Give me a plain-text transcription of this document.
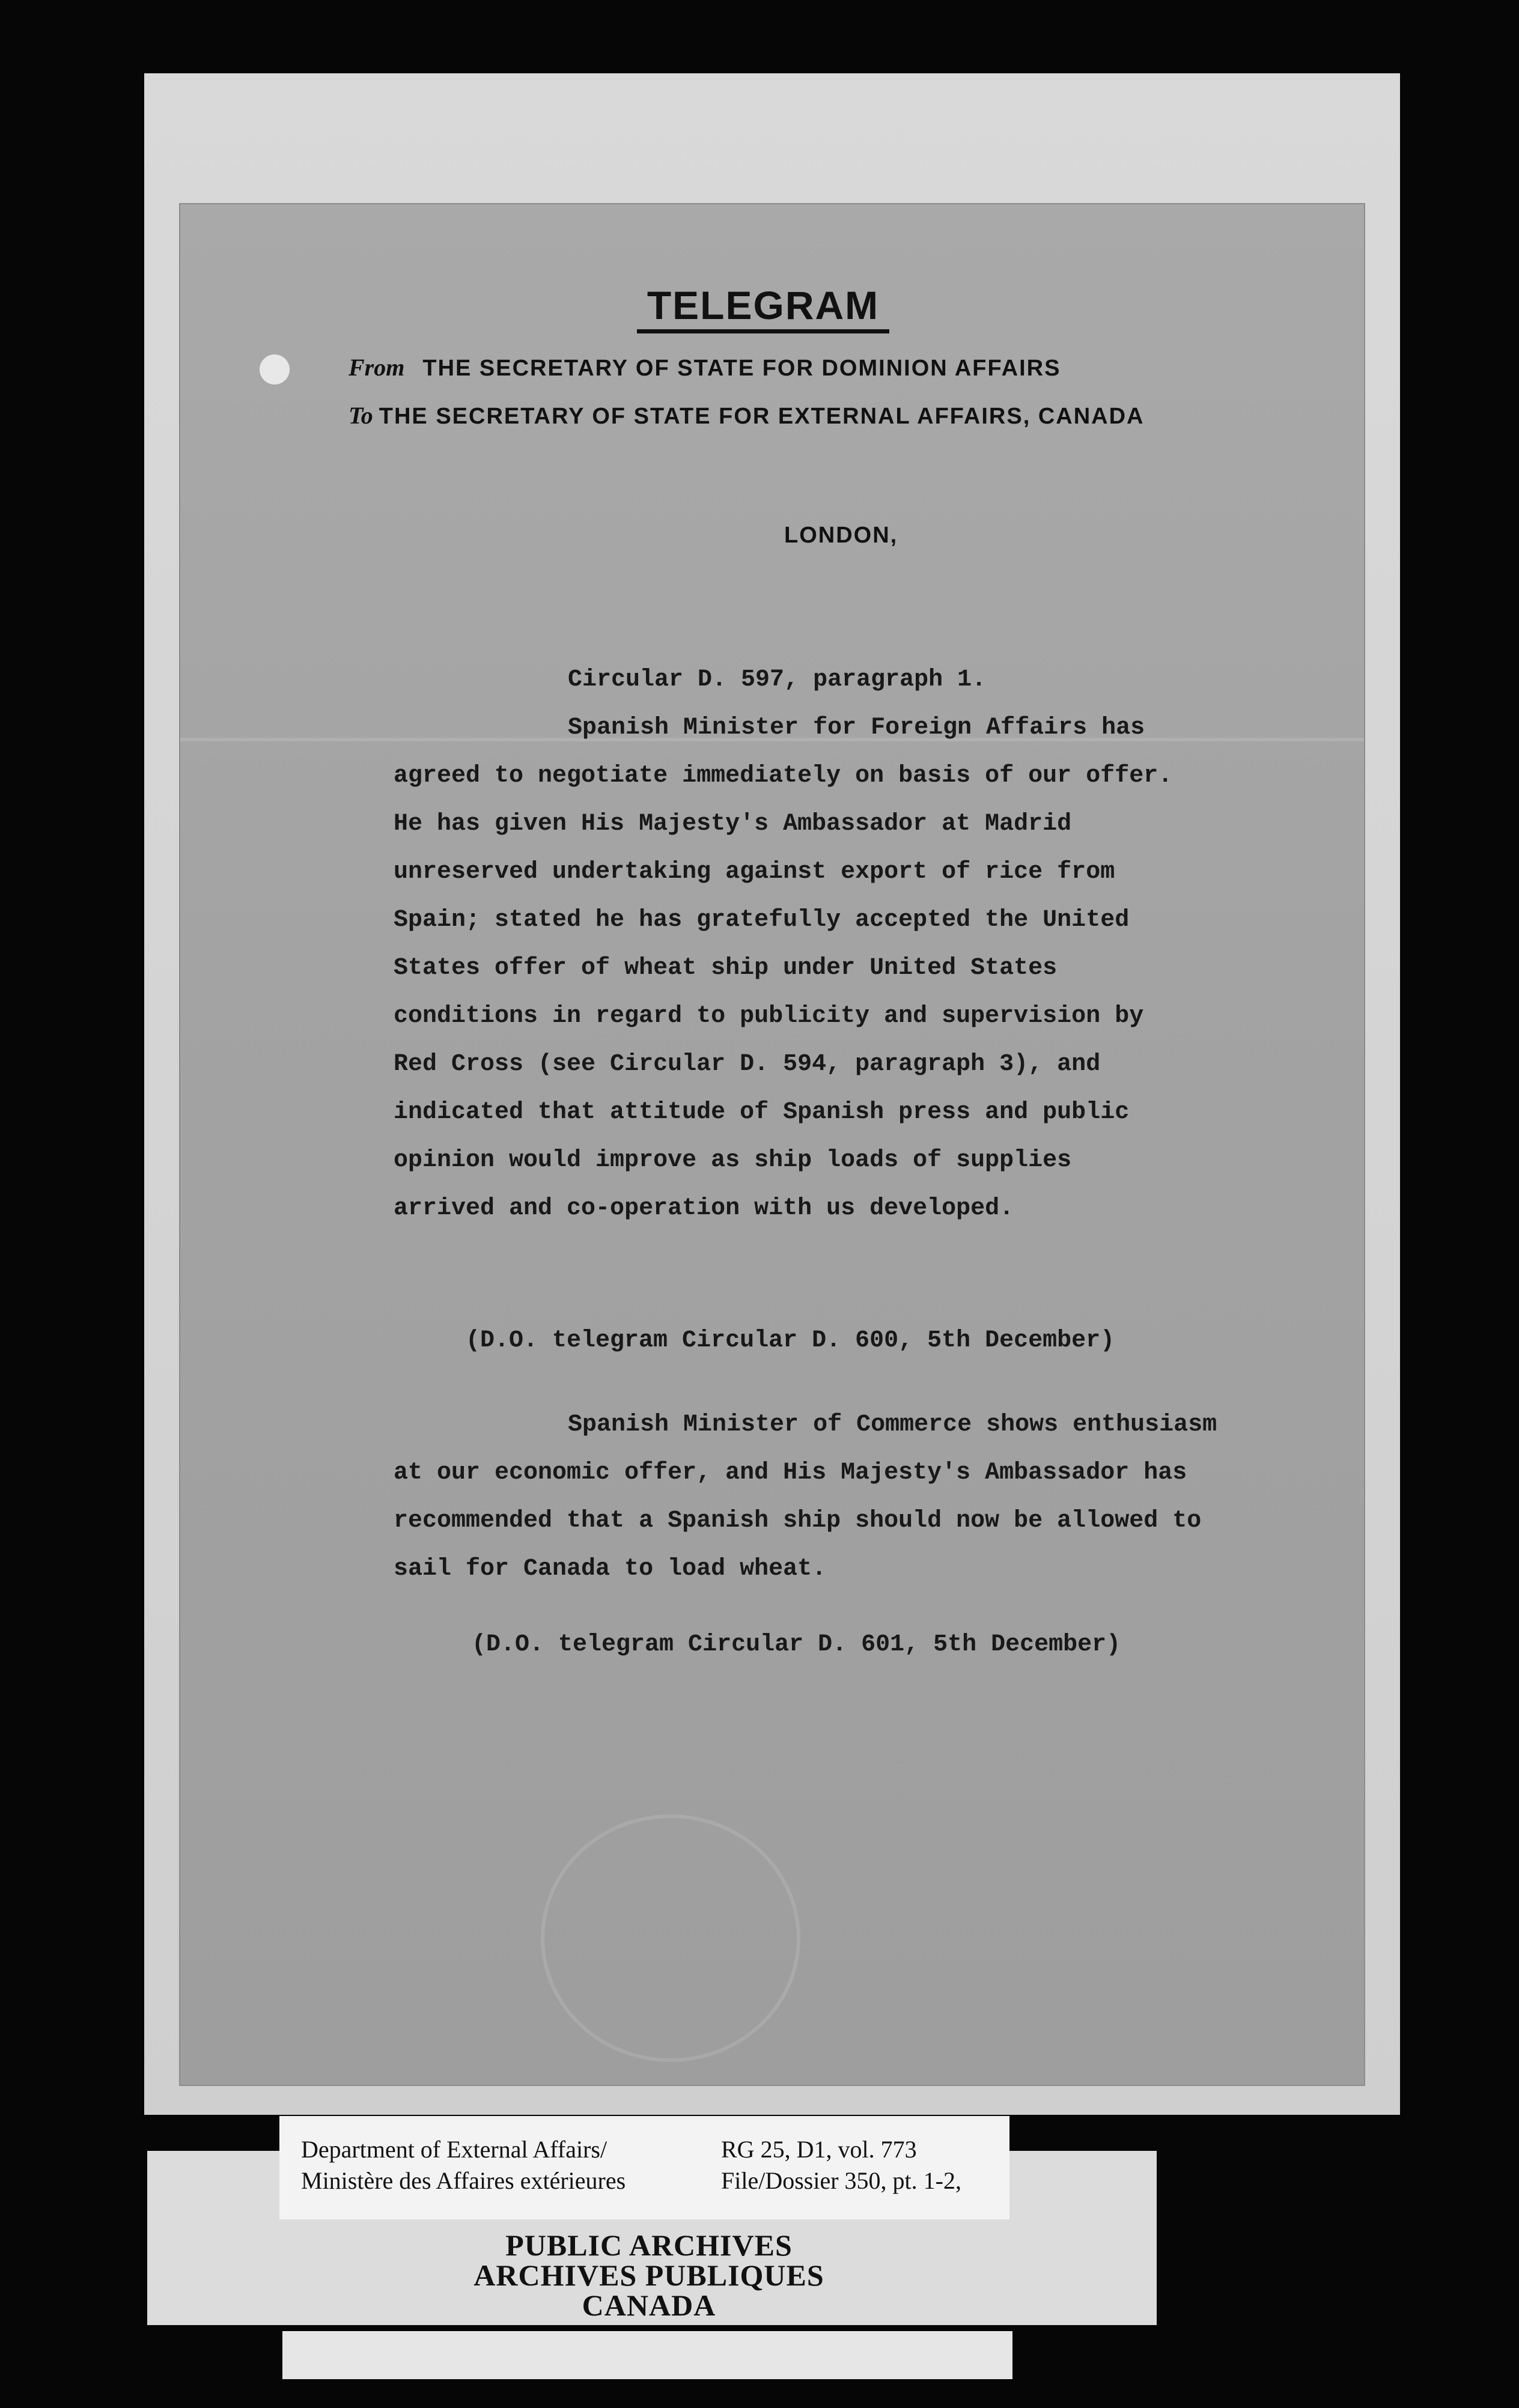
TELEGRAM
From THE SECRETARY OF STATE FOR DOMINION AFFAIRS
To THE SECRETARY OF STATE FOR EXTERNAL AFFAIRS, CANADA
LONDON,
Circular D. 597, paragraph 1.
Spanish Minister for Foreign Affairs has
agreed to negotiate immediately on basis of our offer.
He has given His Majesty's Ambassador at Madrid
unreserved undertaking against export of rice from
Spain; stated he has gratefully accepted the United
States offer of wheat ship under United States
conditions in regard to publicity and supervision by
Red Cross (see Circular D. 594, paragraph 3), and
indicated that attitude of Spanish press and public
opinion would improve as ship loads of supplies
arrived and co-operation with us developed.
(D.O. telegram Circular D. 600, 5th December)
Spanish Minister of Commerce shows enthusiasm
at our economic offer, and His Majesty's Ambassador has
recommended that a Spanish ship should now be allowed to
sail for Canada to load wheat.
(D.O. telegram Circular D. 601, 5th December)
Department of External Affairs/
Ministère des Affaires extérieures
RG 25, D1, vol. 773
File/Dossier 350, pt. 1-2,
PUBLIC ARCHIVES
ARCHIVES PUBLIQUES
CANADA
